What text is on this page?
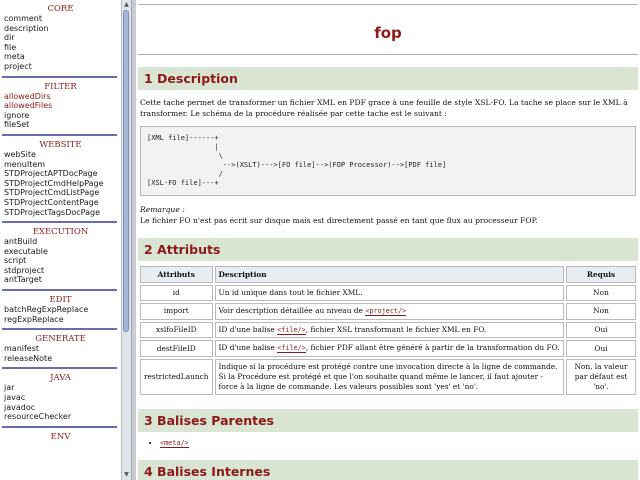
CORE
comment
description
dir
file
meta
project
FILTER
allowedDirs
allowedFiles
ignore
fileSet
WEBSITE
webSite
menuItem
STDProjectAPTDocPage
STDProjectCmdHelpPage
STDProjectCmdListPage
STDProjectContentPage
STDProjectTagsDocPage
EXECUTION
antBuild
executable
script
stdproject
antTarget
EDIT
batchRegExpReplace
regExpReplace
GENERATE
manifest
releaseNote
JAVA
jar
javac
javadoc
resourceChecker
ENV
▲
▼
fop
1 Description
Cette tache permet de transformer un fichier XML en PDF grace à une feuille de style XSL-FO. La tache se place sur le XML à transformer. Le schéma de la procédure réalisée par cette tache est le suivant :
[XML file]------+
|
\
-->(XSLT)--->[FO file]-->(FOP Processor)-->[PDF file]
/
[XSL-FO file]---+
Remarque :
Le fichier FO n'est pas écrit sur disque mais est directement passé en tant que flux au processeur FOP.
2 Attributs
Attributs	Description	Requis
id	Un id unique dans tout le fichier XML.	Non
import	Voir description détaillée au niveau de <project/>	Non
xslfoFileID	ID d'une balise <file/>, fichier XSL transformant le fichier XML en FO.	Oui
destFileID	ID d'une balise <file/>, fichier PDF allant être généré à partir de la transformation du FO.	Oui
restrictedLaunch	Indique si la procédure est protégé contre une invocation directe à la ligne de commande. Si la Procédure est protégé et que l'on souhaite quand même le lancer, il faut ajouter -force à la ligne de commande. Les valeurs possibles sont 'yes' et 'no'.	Non, la valeur par défaut est 'no'.
3 Balises Parentes
• <meta/>
4 Balises Internes
